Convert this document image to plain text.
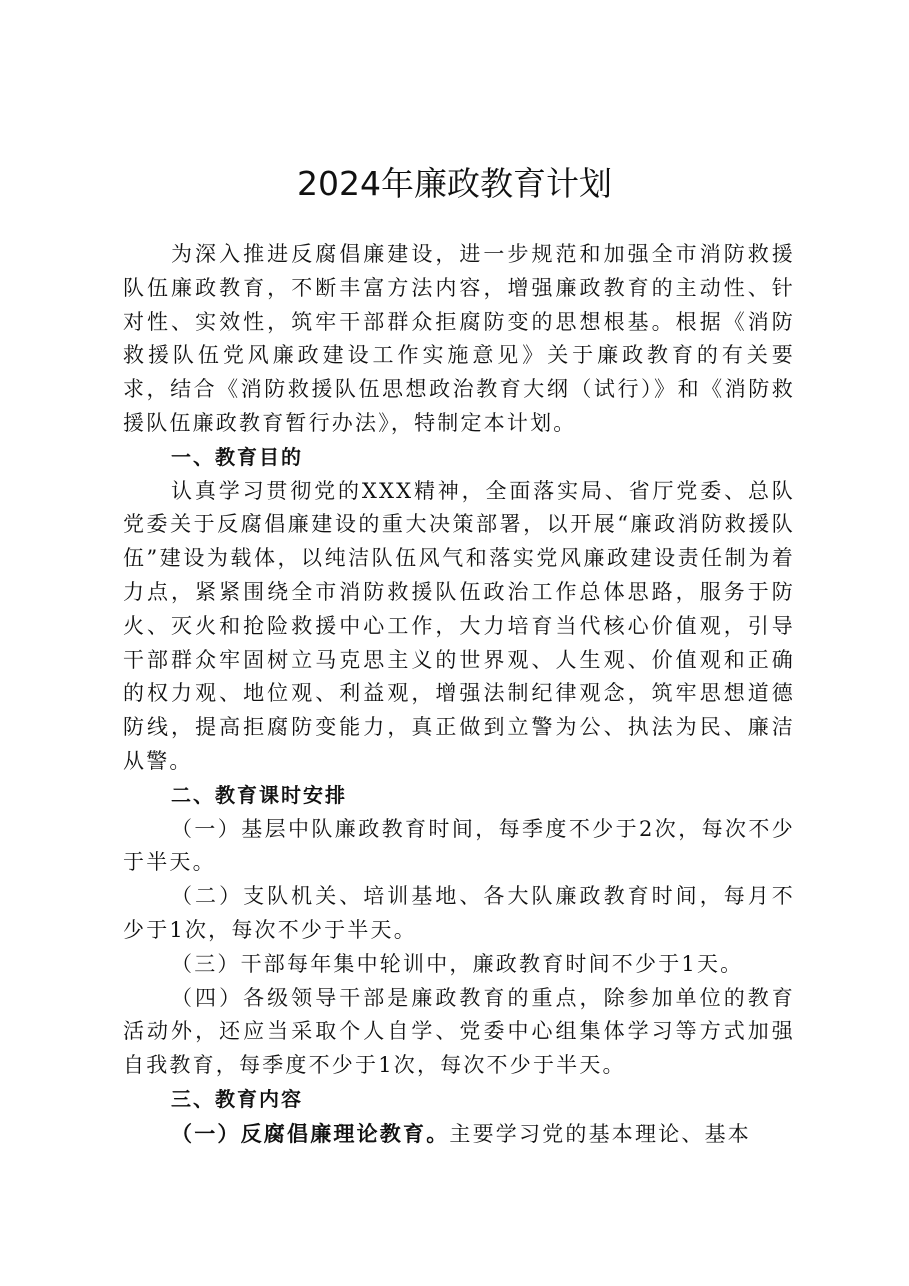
2024年廉政教育计划

为深入推进反腐倡廉建设，进一步规范和加强全市消防救援队伍廉政教育，不断丰富方法内容，增强廉政教育的主动性、针对性、实效性，筑牢干部群众拒腐防变的思想根基。根据《消防救援队伍党风廉政建设工作实施意见》关于廉政教育的有关要求，结合《消防救援队伍思想政治教育大纲（试行）》和《消防救援队伍廉政教育暂行办法》，特制定本计划。

一、教育目的

认真学习贯彻党的XXX精神，全面落实局、省厅党委、总队党委关于反腐倡廉建设的重大决策部署，以开展“廉政消防救援队伍”建设为载体，以纯洁队伍风气和落实党风廉政建设责任制为着力点，紧紧围绕全市消防救援队伍政治工作总体思路，服务于防火、灭火和抢险救援中心工作，大力培育当代核心价值观，引导干部群众牢固树立马克思主义的世界观、人生观、价值观和正确的权力观、地位观、利益观，增强法制纪律观念，筑牢思想道德防线，提高拒腐防变能力，真正做到立警为公、执法为民、廉洁从警。

二、教育课时安排

（一）基层中队廉政教育时间，每季度不少于2次，每次不少于半天。

（二）支队机关、培训基地、各大队廉政教育时间，每月不少于1次，每次不少于半天。

（三）干部每年集中轮训中，廉政教育时间不少于1天。

（四）各级领导干部是廉政教育的重点，除参加单位的教育活动外，还应当采取个人自学、党委中心组集体学习等方式加强自我教育，每季度不少于1次，每次不少于半天。

三、教育内容

（一）反腐倡廉理论教育。主要学习党的基本理论、基本
